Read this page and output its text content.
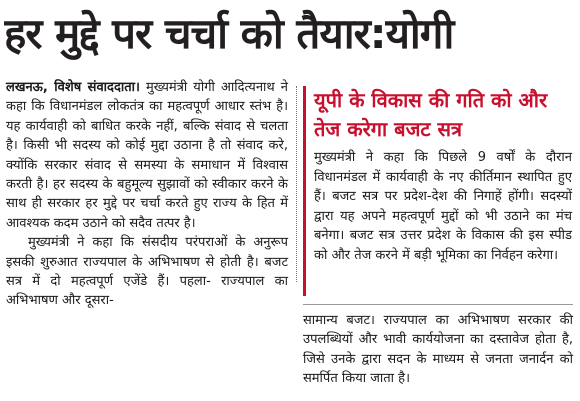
हर मुद्दे पर चर्चा को तैयार:योगी

लखनऊ, विशेष संवाददाता। मुख्यमंत्री योगी आदित्यनाथ ने कहा कि विधानमंडल लोकतंत्र का महत्वपूर्ण आधार स्तंभ है। यह कार्यवाही को बाधित करके नहीं, बल्कि संवाद से चलता है। किसी भी सदस्य को कोई मुद्दा उठाना है तो संवाद करे, क्योंकि सरकार संवाद से समस्या के समाधान में विश्वास करती है। हर सदस्य के बहुमूल्य सुझावों को स्वीकार करने के साथ ही सरकार हर मुद्दे पर चर्चा करते हुए राज्य के हित में आवश्यक कदम उठाने को सदैव तत्पर है।

मुख्यमंत्री ने कहा कि संसदीय परंपराओं के अनुरूप इसकी शुरुआत राज्यपाल के अभिभाषण से होती है। बजट सत्र में दो महत्वपूर्ण एजेंडे हैं। पहला- राज्यपाल का अभिभाषण और दूसरा-

यूपी के विकास की गति को और तेज करेगा बजट सत्र

मुख्यमंत्री ने कहा कि पिछले 9 वर्षों के दौरान विधानमंडल में कार्यवाही के नए कीर्तिमान स्थापित हुए हैं। बजट सत्र पर प्रदेश-देश की निगाहें होंगी। सदस्यों द्वारा यह अपने महत्वपूर्ण मुद्दों को भी उठाने का मंच बनेगा। बजट सत्र उत्तर प्रदेश के विकास की इस स्पीड को और तेज करने में बड़ी भूमिका का निर्वहन करेगा।

सामान्य बजट। राज्यपाल का अभिभाषण सरकार की उपलब्धियों और भावी कार्ययोजना का दस्तावेज होता है, जिसे उनके द्वारा सदन के माध्यम से जनता जनार्दन को समर्पित किया जाता है।
